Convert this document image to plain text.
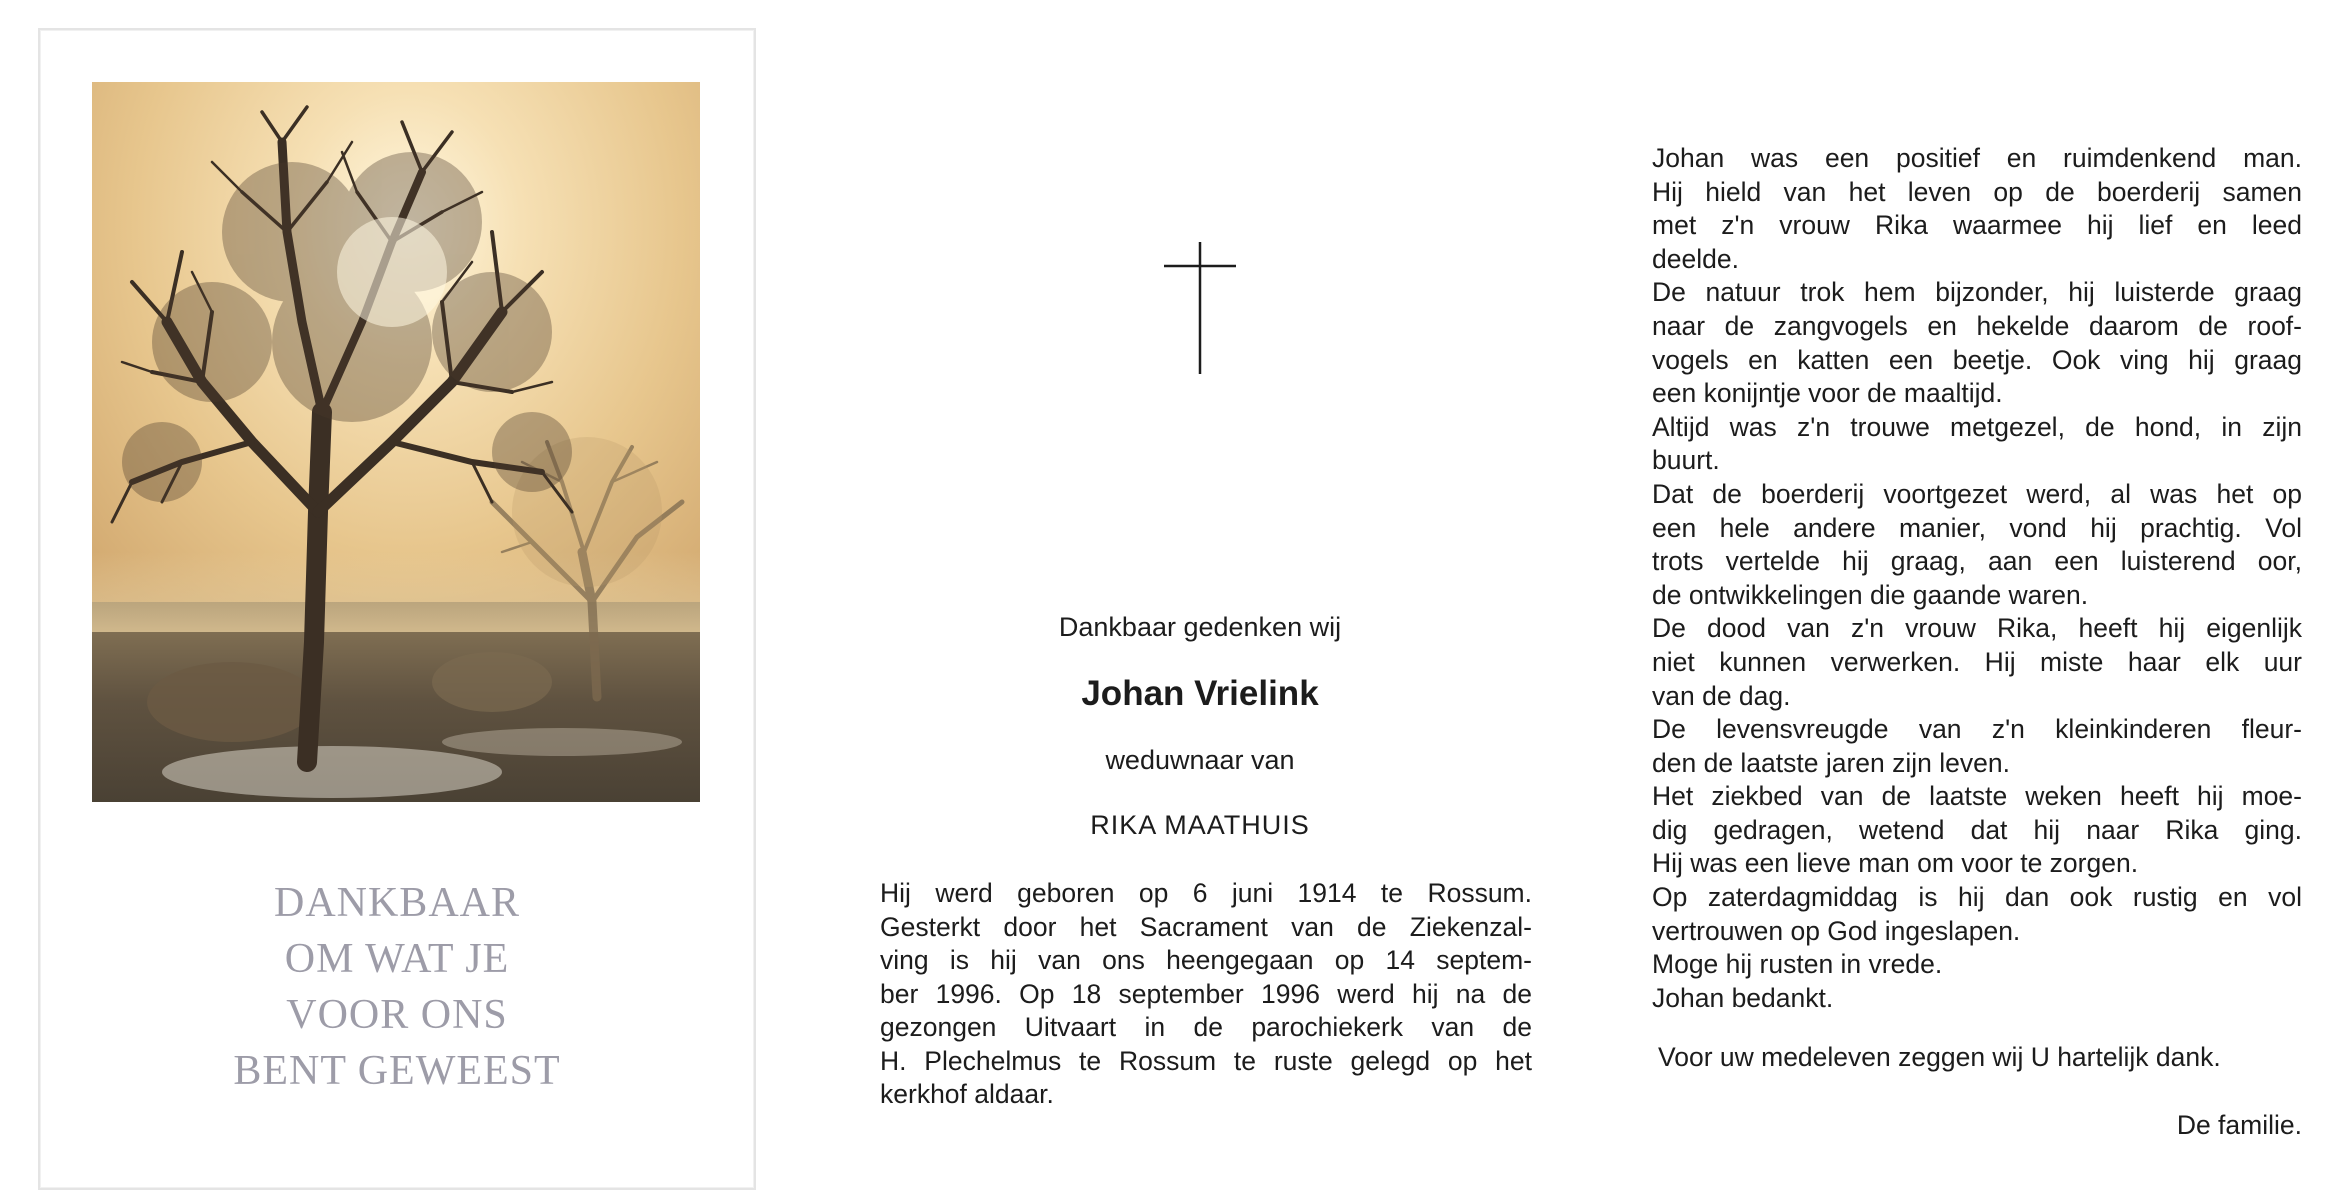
DANKBAAR
OM WAT JE
VOOR ONS
BENT GEWEEST
Dankbaar gedenken wij
Johan Vrielink
weduwnaar van
RIKA MAATHUIS
Hij werd geboren op 6 juni 1914 te Rossum.
Gesterkt door het Sacrament van de Ziekenzal-
ving is hij van ons heengegaan op 14 septem-
ber 1996. Op 18 september 1996 werd hij na de
gezongen Uitvaart in de parochiekerk van de
H. Plechelmus te Rossum te ruste gelegd op het
kerkhof aldaar.
Johan was een positief en ruimdenkend man.
Hij hield van het leven op de boerderij samen
met z'n vrouw Rika waarmee hij lief en leed
deelde.
De natuur trok hem bijzonder, hij luisterde graag
naar de zangvogels en hekelde daarom de roof-
vogels en katten een beetje. Ook ving hij graag
een konijntje voor de maaltijd.
Altijd was z'n trouwe metgezel, de hond, in zijn
buurt.
Dat de boerderij voortgezet werd, al was het op
een hele andere manier, vond hij prachtig. Vol
trots vertelde hij graag, aan een luisterend oor,
de ontwikkelingen die gaande waren.
De dood van z'n vrouw Rika, heeft hij eigenlijk
niet kunnen verwerken. Hij miste haar elk uur
van de dag.
De levensvreugde van z'n kleinkinderen fleur-
den de laatste jaren zijn leven.
Het ziekbed van de laatste weken heeft hij moe-
dig gedragen, wetend dat hij naar Rika ging.
Hij was een lieve man om voor te zorgen.
Op zaterdagmiddag is hij dan ook rustig en vol
vertrouwen op God ingeslapen.
Moge hij rusten in vrede.
Johan bedankt.
Voor uw medeleven zeggen wij U hartelijk dank.
De familie.
